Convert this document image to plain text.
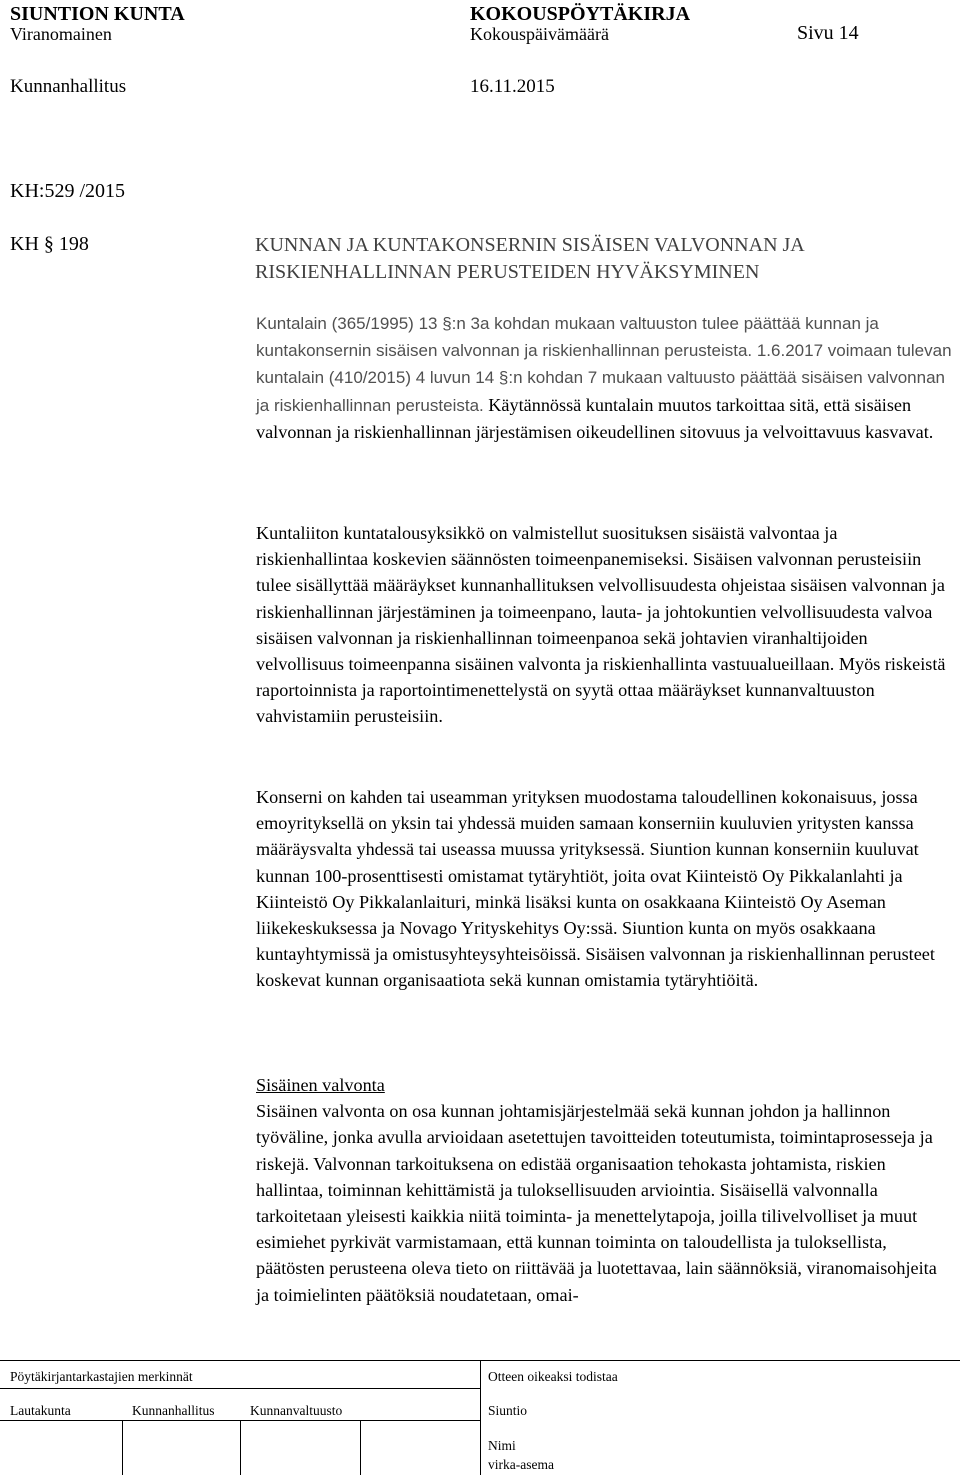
SIUNTION KUNTA	KOKOUSPÖYTÄKIRJA
Viranomainen	Kokouspäivämäärä	Sivu 14
Kunnanhallitus	16.11.2015
KH:529 /2015
KH § 198	KUNNAN JA KUNTAKONSERNIN SISÄISEN VALVONNAN JA
RISKIENHALLINNAN PERUSTEIDEN HYVÄKSYMINEN

Kuntalain (365/1995) 13 §:n 3a kohdan mukaan valtuuston tulee päättää kunnan ja kuntakonsernin sisäisen valvonnan ja riskienhallinnan perusteista. 1.6.2017 voimaan tulevan kuntalain (410/2015) 4 luvun 14 §:n kohdan 7 mukaan valtuusto päättää sisäisen valvonnan ja riskienhallinnan perusteista. Käytännössä kuntalain muutos tarkoittaa sitä, että sisäisen valvonnan ja riskienhallinnan järjestämisen oikeudellinen sitovuus ja velvoittavuus kasvavat.

Kuntaliiton kuntatalousyksikkö on valmistellut suosituksen sisäistä valvontaa ja riskienhallintaa koskevien säännösten toimeenpanemiseksi. Sisäisen valvonnan perusteisiin tulee sisällyttää määräykset kunnanhallituksen velvollisuudesta ohjeistaa sisäisen valvonnan ja riskienhallinnan järjestäminen ja toimeenpano, lauta- ja johtokuntien velvollisuudesta valvoa sisäisen valvonnan ja riskienhallinnan toimeenpanoa sekä johtavien viranhaltijoiden velvollisuus toimeenpanna sisäinen valvonta ja riskienhallinta vastuualueillaan. Myös riskeistä raportoinnista ja raportointimenettelystä on syytä ottaa määräykset kunnanvaltuuston vahvistamiin perusteisiin.

Konserni on kahden tai useamman yrityksen muodostama taloudellinen kokonaisuus, jossa emoyrityksellä on yksin tai yhdessä muiden samaan konserniin kuuluvien yritysten kanssa määräysvalta yhdessä tai useassa muussa yrityksessä. Siuntion kunnan konserniin kuuluvat kunnan 100-prosenttisesti omistamat tytäryhtiöt, joita ovat Kiinteistö Oy Pikkalanlahti ja Kiinteistö Oy Pikkalanlaituri, minkä lisäksi kunta on osakkaana Kiinteistö Oy Aseman liikekeskuksessa ja Novago Yrityskehitys Oy:ssä. Siuntion kunta on myös osakkaana kuntayhtymissä ja omistusyhteysyhteisöissä. Sisäisen valvonnan ja riskienhallinnan perusteet koskevat kunnan organisaatiota sekä kunnan omistamia tytäryhtiöitä.

Sisäinen valvonta

Sisäinen valvonta on osa kunnan johtamisjärjestelmää sekä kunnan johdon ja hallinnon työväline, jonka avulla arvioidaan asetettujen tavoitteiden toteutumista, toimintaprosesseja ja riskejä. Valvonnan tarkoituksena on edistää organisaation tehokasta johtamista, riskien hallintaa, toiminnan kehittämistä ja tuloksellisuuden arviointia. Sisäisellä valvonnalla tarkoitetaan yleisesti kaikkia niitä toiminta- ja menettelytapoja, joilla tilivelvolliset ja muut esimiehet pyrkivät varmistamaan, että kunnan toiminta on taloudellista ja tuloksellista, päätösten perusteena oleva tieto on riittävää ja luotettavaa, lain säännöksiä, viranomaisohjeita ja toimielinten päätöksiä noudatetaan, omai-

Pöytäkirjantarkastajien merkinnät	Otteen oikeaksi todistaa
Lautakunta	Kunnanhallitus	Kunnanvaltuusto	Siuntio
Nimi
virka-asema
